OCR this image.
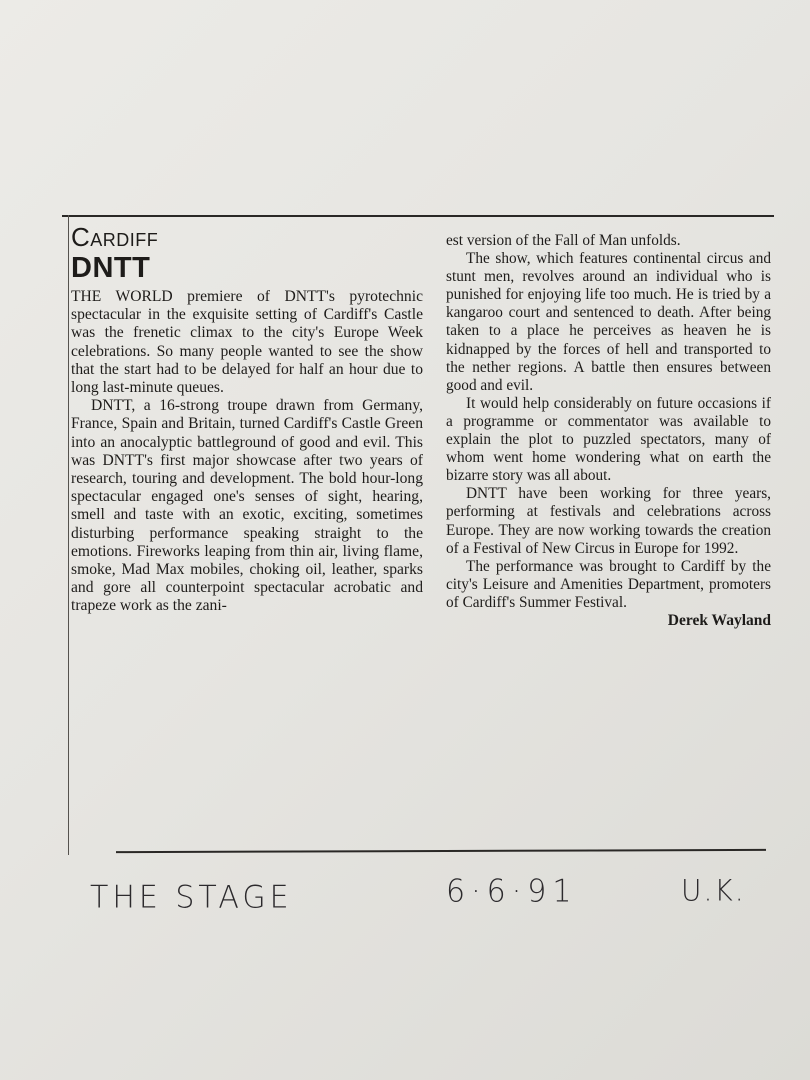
Cardiff

DNTT

THE WORLD premiere of DNTT's pyrotechnic spectacular in the exquisite setting of Cardiff's Castle was the frenetic climax to the city's Europe Week celebrations. So many people wanted to see the show that the start had to be delayed for half an hour due to long last-minute queues.

DNTT, a 16-strong troupe drawn from Germany, France, Spain and Britain, turned Cardiff's Castle Green into an anocalyptic battleground of good and evil. This was DNTT's first major showcase after two years of research, touring and development. The bold hour-long spectacular engaged one's senses of sight, hearing, smell and taste with an exotic, exciting, sometimes disturbing performance speaking straight to the emotions. Fireworks leaping from thin air, living flame, smoke, Mad Max mobiles, choking oil, leather, sparks and gore all counterpoint spectacular acrobatic and trapeze work as the zani-

est version of the Fall of Man unfolds.

The show, which features continental circus and stunt men, revolves around an individual who is punished for enjoying life too much. He is tried by a kangaroo court and sentenced to death. After being taken to a place he perceives as heaven he is kidnapped by the forces of hell and transported to the nether regions. A battle then ensures between good and evil.

It would help considerably on future occasions if a programme or commentator was available to explain the plot to puzzled spectators, many of whom went home wondering what on earth the bizarre story was all about.

DNTT have been working for three years, performing at festivals and celebrations across Europe. They are now working towards the creation of a Festival of New Circus in Europe for 1992.

The performance was brought to Cardiff by the city's Leisure and Amenities Department, promoters of Cardiff's Summer Festival.

Derek Wayland

THE STAGE	6·6·91	U.K.
